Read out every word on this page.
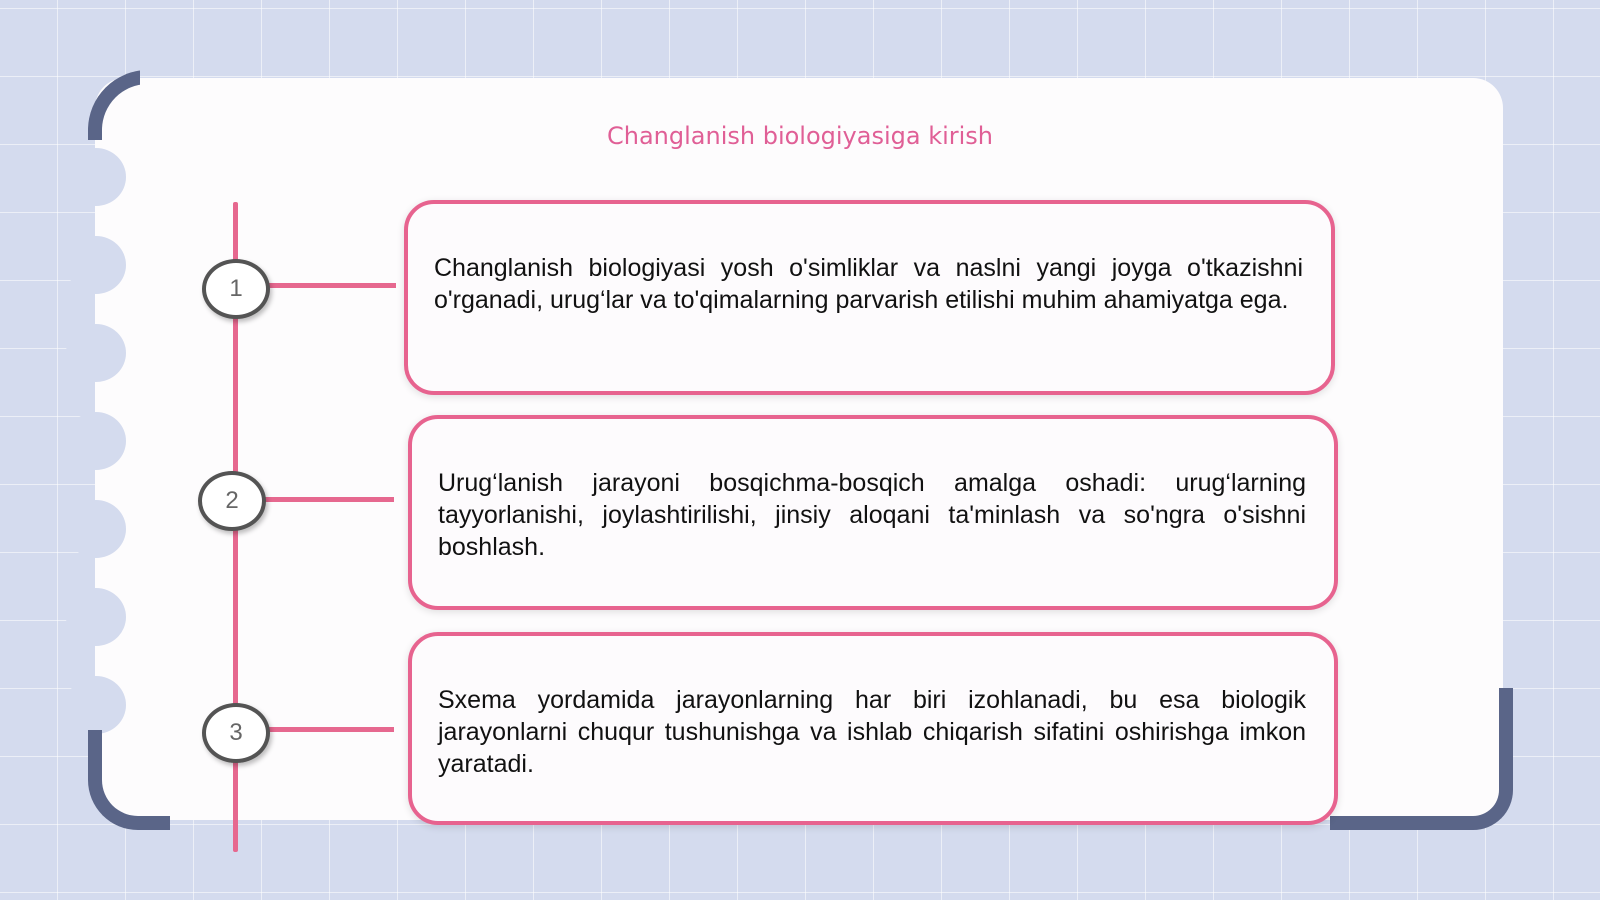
Changlanish biologiyasiga kirish
1

Changlanish biologiyasi yosh o'simliklar va naslni yangi joyga o'tkazishni o'rganadi, urug‘lar va to'qimalarning parvarish etilishi muhim ahamiyatga ega.

2

Urug‘lanish jarayoni bosqichma-bosqich amalga oshadi: urug‘larning tayyorlanishi, joylashtirilishi, jinsiy aloqani ta'minlash va so'ngra o'sishni boshlash.

3

Sxema yordamida jarayonlarning har biri izohlanadi, bu esa biologik jarayonlarni chuqur tushunishga va ishlab chiqarish sifatini oshirishga imkon yaratadi.
